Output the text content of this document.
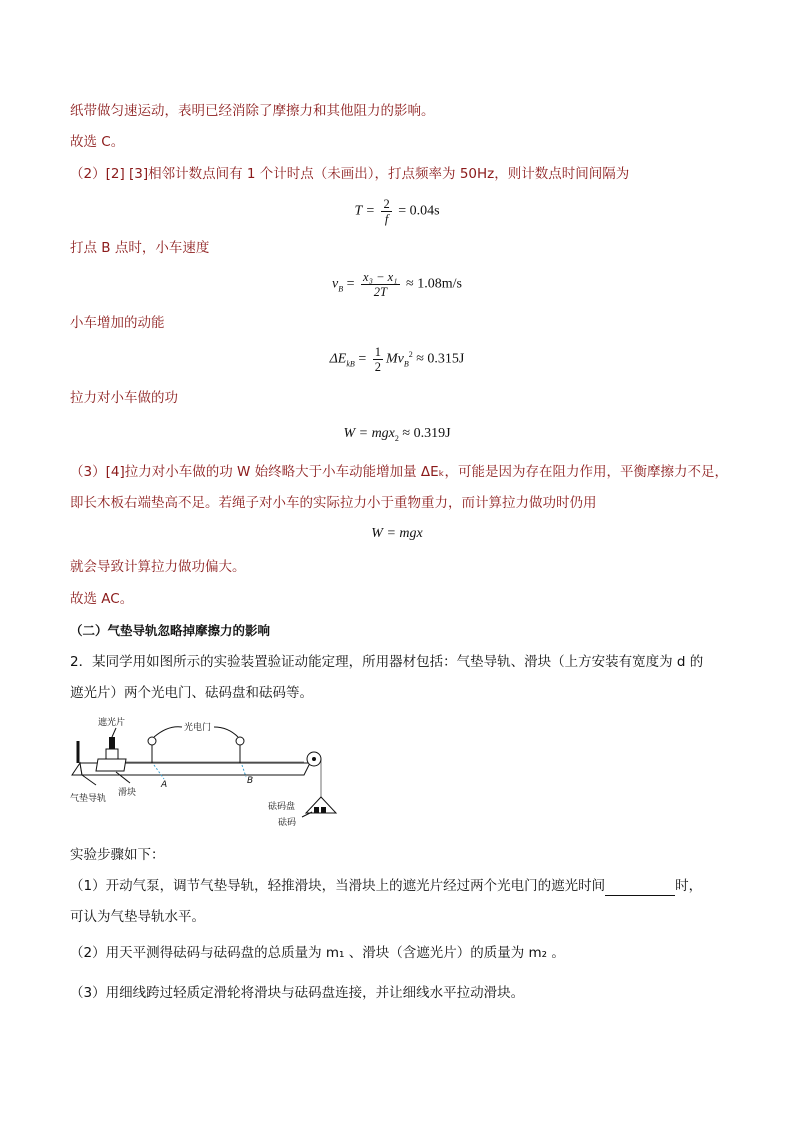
纸带做匀速运动，表明已经消除了摩擦力和其他阻力的影响。
故选 C。
（2）[2] [3]相邻计数点间有 1 个计时点（未画出），打点频率为 50Hz，则计数点时间间隔为
$T = \frac{2}{f} = 0.04s$
打点 B 点时，小车速度
$v_B = \frac{\text{x₃ − x₁}}{2T} \approx 1.08m/s$
小车增加的动能
$\Delta E_{kB} = \frac{1}{2} Mv_B^2 \approx 0.315J$
拉力对小车做的功
W = mgx$_2$ ≈ 0.319J
（3）[4]拉力对小车做的功 W 始终略大于小车动能增加量 ΔEₖ，可能是因为存在阻力作用，平衡摩擦力不足，
即长木板右端垫高不足。若绳子对小车的实际拉力小于重物重力，而计算拉力做功时仍用
W = mgx
就会导致计算拉力做功偏大。
故选 AC。
（二）气垫导轨忽略掉摩擦力的影响
2．某同学用如图所示的实验装置验证动能定理，所用器材包括：气垫导轨、滑块（上方安装有宽度为 d 的
遮光片）两个光电门、砝码盘和砝码等。
遮光片	光电门
A	B
气垫导轨
滑块
砝码盘
砝码
实验步骤如下：
（1）开动气泵，调节气垫导轨，轻推滑块，当滑块上的遮光片经过两个光电门的遮光时间	时，
可认为气垫导轨水平。
（2）用天平测得砝码与砝码盘的总质量为 m₁ 、滑块（含遮光片）的质量为 m₂ 。
（3）用细线跨过轻质定滑轮将滑块与砝码盘连接，并让细线水平拉动滑块。
